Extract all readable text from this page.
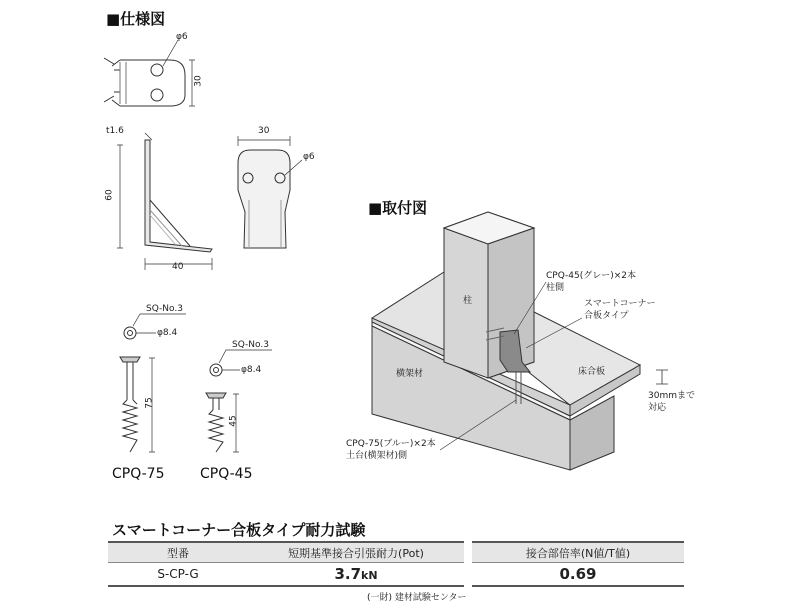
■仕様図
■取付図
φ6
30
t1.6
60
40
30
φ6
SQ-No.3
φ8.4
75
CPQ-75
SQ-No.3
φ8.4
45
CPQ-45
柱
CPQ-45(グレー)×2本
柱側
スマートコーナー
合板タイプ
横架材	床合板
30mmまで
対応
CPQ-75(ブルー)×2本
土台(横架材)側
スマートコーナー合板タイプ耐力試験
型番	短期基準接合引張耐力(Pot)		接合部倍率(N値/T値)
S-CP-G	3.7kN		0.69
(一財) 建材試験センター
